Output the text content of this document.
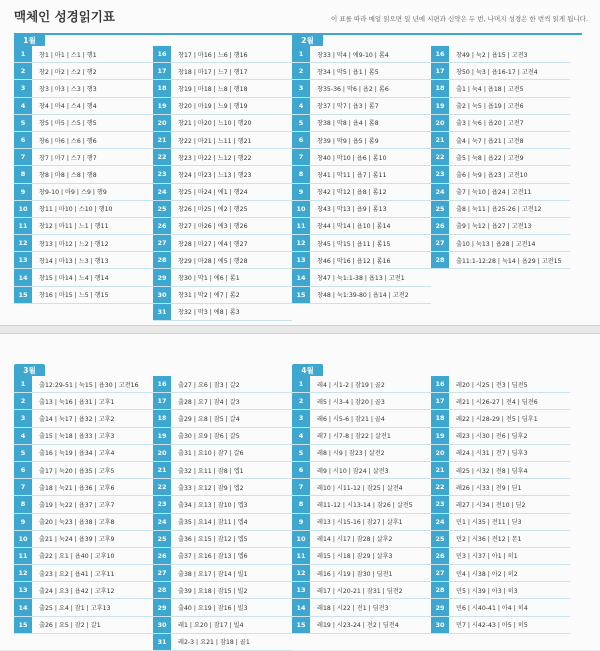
맥체인 성경읽기표	이 표를 따라 매일 읽으면 일 년에 시편과 신약은 두 번, 나머지 성경은 한 번씩 읽게 됩니다.
1월
1	창1 | 마1 | 스1 | 행1
2	창2 | 마2 | 스2 | 행2
3	창3 | 마3 | 스3 | 행3
4	창4 | 마4 | 스4 | 행4
5	창5 | 마5 | 스5 | 행5
6	창6 | 마6 | 스6 | 행6
7	창7 | 마7 | 스7 | 행7
8	창8 | 마8 | 스8 | 행8
9	창9-10 | 마9 | 스9 | 행9
10	창11 | 마10 | 스10 | 행10
11	창12 | 마11 | 느1 | 행11
12	창13 | 마12 | 느2 | 행12
13	창14 | 마13 | 느3 | 행13
14	창15 | 마14 | 느4 | 행14
15	창16 | 마15 | 느5 | 행15
16	창17 | 마16 | 느6 | 행16
17	창18 | 마17 | 느7 | 행17
18	창19 | 마18 | 느8 | 행18
19	창20 | 마19 | 느9 | 행19
20	창21 | 마20 | 느10 | 행20
21	창22 | 마21 | 느11 | 행21
22	창23 | 마22 | 느12 | 행22
23	창24 | 마23 | 느13 | 행23
24	창25 | 마24 | 에1 | 행24
25	창26 | 마25 | 에2 | 행25
26	창27 | 마26 | 에3 | 행26
27	창28 | 마27 | 에4 | 행27
28	창29 | 마28 | 에5 | 행28
29	창30 | 막1 | 에6 | 롬1
30	창31 | 막2 | 에7 | 롬2
31	창32 | 막3 | 에8 | 롬3
2월
1	창33 | 막4 | 에9-10 | 롬4
2	창34 | 막5 | 욥1 | 롬5
3	창35-36 | 막6 | 욥2 | 롬6
4	창37 | 막7 | 욥3 | 롬7
5	창38 | 막8 | 욥4 | 롬8
6	창39 | 막9 | 욥5 | 롬9
7	창40 | 막10 | 욥6 | 롬10
8	창41 | 막11 | 욥7 | 롬11
9	창42 | 막12 | 욥8 | 롬12
10	창43 | 막13 | 욥9 | 롬13
11	창44 | 막14 | 욥10 | 롬14
12	창45 | 막15 | 욥11 | 롬15
13	창46 | 막16 | 욥12 | 롬16
14	창47 | 눅1:1-38 | 욥13 | 고전1
15	창48 | 눅1:39-80 | 욥14 | 고전2
16	창49 | 눅2 | 욥15 | 고전3
17	창50 | 눅3 | 욥16-17 | 고전4
18	출1 | 눅4 | 욥18 | 고전5
19	출2 | 눅5 | 욥19 | 고전6
20	출3 | 눅6 | 욥20 | 고전7
21	출4 | 눅7 | 욥21 | 고전8
22	출5 | 눅8 | 욥22 | 고전9
23	출6 | 눅9 | 욥23 | 고전10
24	출7 | 눅10 | 욥24 | 고전11
25	출8 | 눅11 | 욥25-26 | 고전12
26	출9 | 눅12 | 욥27 | 고전13
27	출10 | 눅13 | 욥28 | 고전14
28	출11:1-12:28 | 눅14 | 욥29 | 고전15
3월
1	출12:29-51 | 눅15 | 욥30 | 고전16
2	출13 | 눅16 | 욥31 | 고후1
3	출14 | 눅17 | 욥32 | 고후2
4	출15 | 눅18 | 욥33 | 고후3
5	출16 | 눅19 | 욥34 | 고후4
6	출17 | 눅20 | 욥35 | 고후5
7	출18 | 눅21 | 욥36 | 고후6
8	출19 | 눅22 | 욥37 | 고후7
9	출20 | 눅23 | 욥38 | 고후8
10	출21 | 눅24 | 욥39 | 고후9
11	출22 | 요1 | 욥40 | 고후10
12	출23 | 요2 | 욥41 | 고후11
13	출24 | 요3 | 욥42 | 고후12
14	출25 | 요4 | 잠1 | 고후13
15	출26 | 요5 | 잠2 | 갈1
16	출27 | 요6 | 잠3 | 갈2
17	출28 | 요7 | 잠4 | 갈3
18	출29 | 요8 | 잠5 | 갈4
19	출30 | 요9 | 잠6 | 갈5
20	출31 | 요10 | 잠7 | 갈6
21	출32 | 요11 | 잠8 | 엡1
22	출33 | 요12 | 잠9 | 엡2
23	출34 | 요13 | 잠10 | 엡3
24	출35 | 요14 | 잠11 | 엡4
25	출36 | 요15 | 잠12 | 엡5
26	출37 | 요16 | 잠13 | 엡6
27	출38 | 요17 | 잠14 | 빌1
28	출39 | 요18 | 잠15 | 빌2
29	출40 | 요19 | 잠16 | 빌3
30	레1 | 요20 | 잠17 | 빌4
31	레2-3 | 요21 | 잠18 | 골1
4월
1	레4 | 시1-2 | 잠19 | 골2
2	레5 | 시3-4 | 잠20 | 골3
3	레6 | 시5-6 | 잠21 | 골4
4	레7 | 시7-8 | 잠22 | 살전1
5	레8 | 시9 | 잠23 | 살전2
6	레9 | 시10 | 잠24 | 살전3
7	레10 | 시11-12 | 잠25 | 살전4
8	레11-12 | 시13-14 | 잠26 | 살전5
9	레13 | 시15-16 | 잠27 | 살후1
10	레14 | 시17 | 잠28 | 살후2
11	레15 | 시18 | 잠29 | 살후3
12	레16 | 시19 | 잠30 | 딤전1
13	레17 | 시20-21 | 잠31 | 딤전2
14	레18 | 시22 | 전1 | 딤전3
15	레19 | 시23-24 | 전2 | 딤전4
16	레20 | 시25 | 전3 | 딤전5
17	레21 | 시26-27 | 전4 | 딤전6
18	레22 | 시28-29 | 전5 | 딤후1
19	레23 | 시30 | 전6 | 딤후2
20	레24 | 시31 | 전7 | 딤후3
21	레25 | 시32 | 전8 | 딤후4
22	레26 | 시33 | 전9 | 딛1
23	레27 | 시34 | 전10 | 딛2
24	민1 | 시35 | 전11 | 딛3
25	민2 | 시36 | 전12 | 몬1
26	민3 | 시37 | 아1 | 히1
27	민4 | 시38 | 아2 | 히2
28	민5 | 시39 | 아3 | 히3
29	민6 | 시40-41 | 아4 | 히4
30	민7 | 시42-43 | 아5 | 히5
